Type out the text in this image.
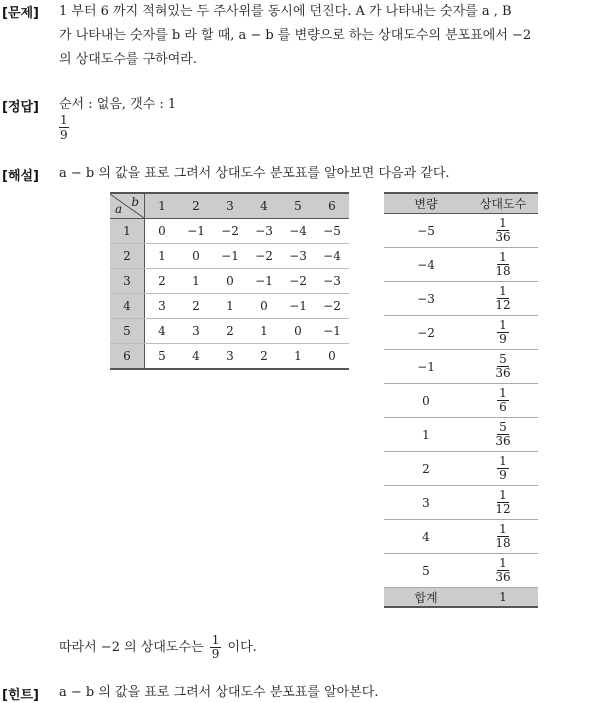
[문제] 1 부터 6 까지 적혀있는 두 주사위를 동시에 던진다. A 가 나타내는 숫자를 a , B
가 나타내는 숫자를 b 라 할 때, a − b 를 변량으로 하는 상대도수의 분포표에서 −2
의 상대도수를 구하여라.
[정답] 순서 : 없음, 갯수 : 1
$\frac{1}{9}$
[해설] a − b 의 값을 표로 그려서 상대도수 분포표를 알아보면 다음과 같다.
a b	1	2	3	4	5	6
1	0	−1	−2	−3	−4	−5
2	1	0	−1	−2	−3	−4
3	2	1	0	−1	−2	−3
4	3	2	1	0	−1	−2
5	4	3	2	1	0	−1
6	5	4	3	2	1	0
변량	상대도수
−5	$\frac{1}{36}$

−4	$\frac{1}{18}$

−3	$\frac{1}{12}$

−2	$\frac{1}{9}$

−1	$\frac{5}{36}$

0	$\frac{1}{6}$

1	$\frac{5}{36}$

2	$\frac{1}{9}$

3	$\frac{1}{12}$

4	$\frac{1}{18}$

5	$\frac{1}{36}$

합계	1
따라서 −2 의 상대도수는 $\frac{1}{9}$ 이다.
[힌트] a − b 의 값을 표로 그려서 상대도수 분포표를 알아본다.
